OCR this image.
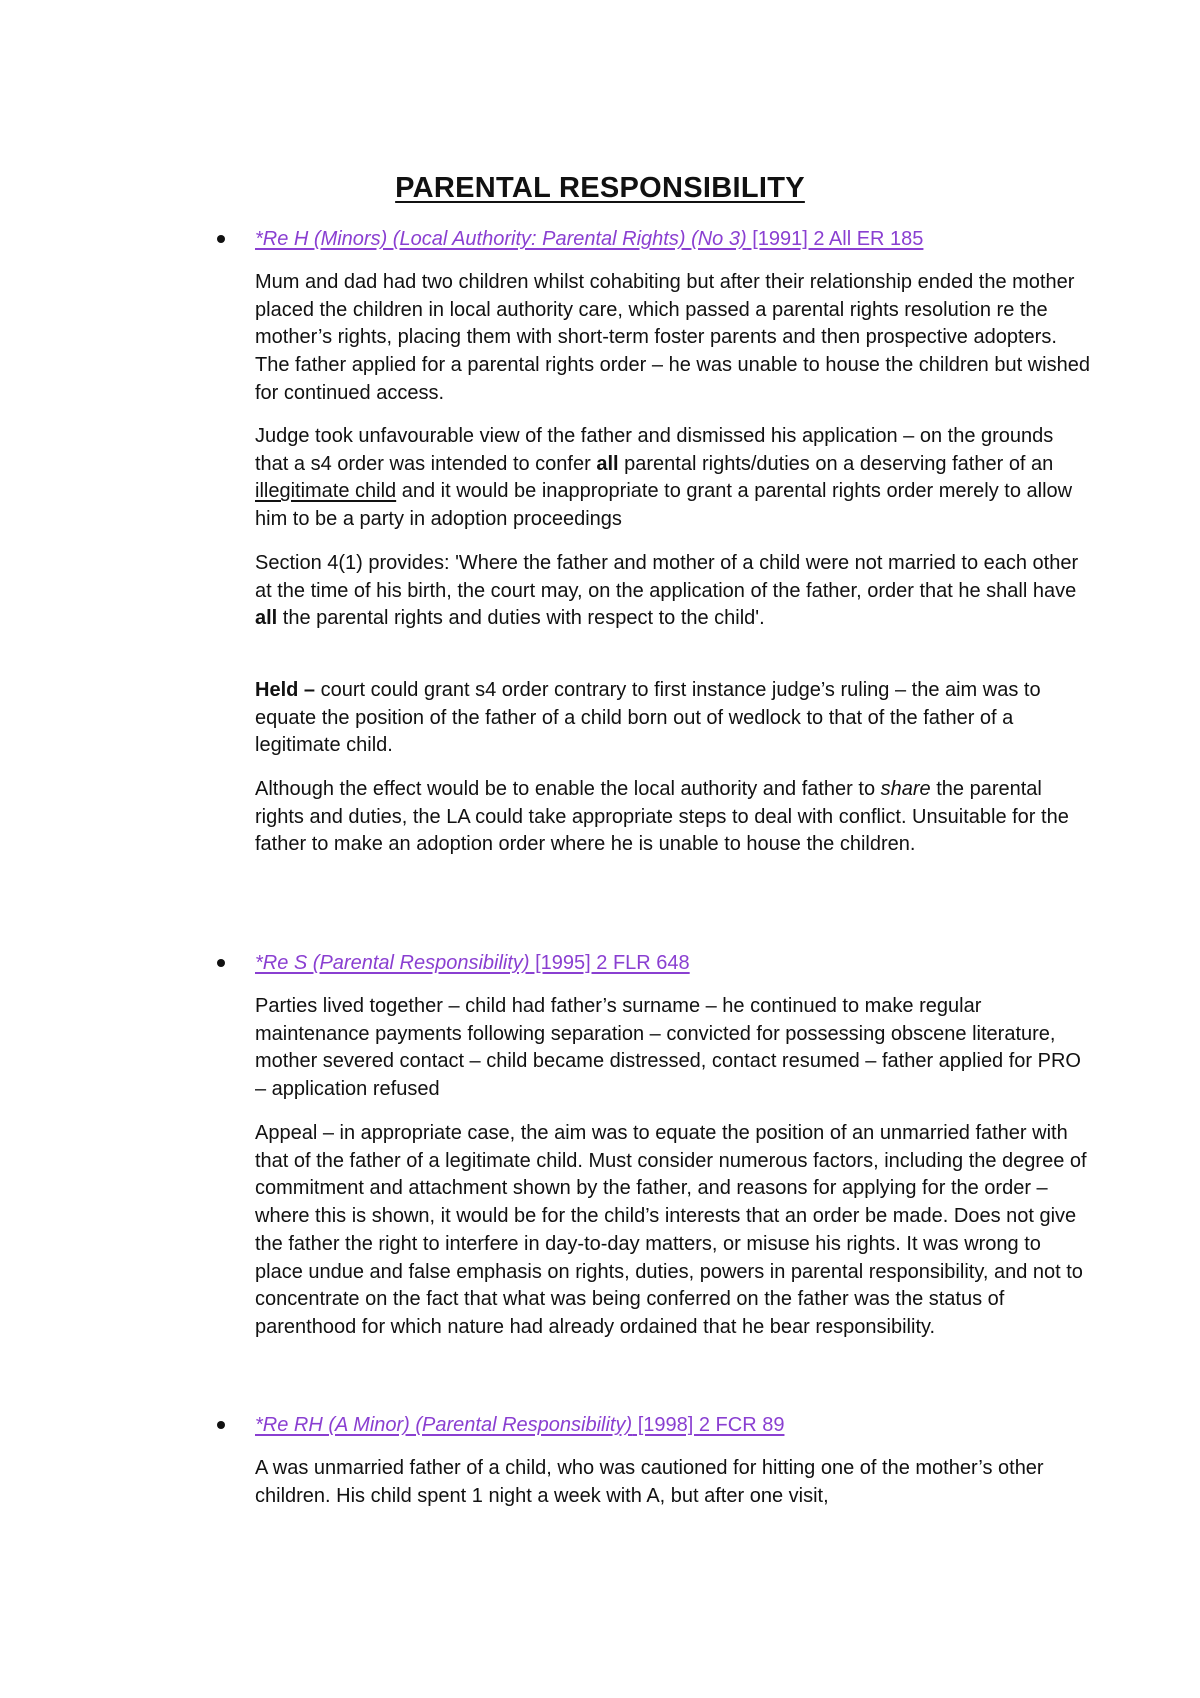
PARENTAL RESPONSIBILITY
*Re H (Minors) (Local Authority: Parental Rights) (No 3) [1991] 2 All ER 185

Mum and dad had two children whilst cohabiting but after their relationship ended the mother placed the children in local authority care, which passed a parental rights resolution re the mother’s rights, placing them with short-term foster parents and then prospective adopters. The father applied for a parental rights order – he was unable to house the children but wished for continued access.

Judge took unfavourable view of the father and dismissed his application – on the grounds that a s4 order was intended to confer all parental rights/duties on a deserving father of an illegitimate child and it would be inappropriate to grant a parental rights order merely to allow him to be a party in adoption proceedings

Section 4(1) provides: 'Where the father and mother of a child were not married to each other at the time of his birth, the court may, on the application of the father, order that he shall have all the parental rights and duties with respect to the child'.

Held – court could grant s4 order contrary to first instance judge’s ruling – the aim was to equate the position of the father of a child born out of wedlock to that of the father of a legitimate child.

Although the effect would be to enable the local authority and father to share the parental rights and duties, the LA could take appropriate steps to deal with conflict. Unsuitable for the father to make an adoption order where he is unable to house the children.

*Re S (Parental Responsibility) [1995] 2 FLR 648

Parties lived together – child had father’s surname – he continued to make regular maintenance payments following separation – convicted for possessing obscene literature, mother severed contact – child became distressed, contact resumed – father applied for PRO – application refused

Appeal – in appropriate case, the aim was to equate the position of an unmarried father with that of the father of a legitimate child. Must consider numerous factors, including the degree of commitment and attachment shown by the father, and reasons for applying for the order – where this is shown, it would be for the child’s interests that an order be made. Does not give the father the right to interfere in day-to-day matters, or misuse his rights. It was wrong to place undue and false emphasis on rights, duties, powers in parental responsibility, and not to concentrate on the fact that what was being conferred on the father was the status of parenthood for which nature had already ordained that he bear responsibility.

*Re RH (A Minor) (Parental Responsibility) [1998] 2 FCR 89

A was unmarried father of a child, who was cautioned for hitting one of the mother’s other children. His child spent 1 night a week with A, but after one visit,
